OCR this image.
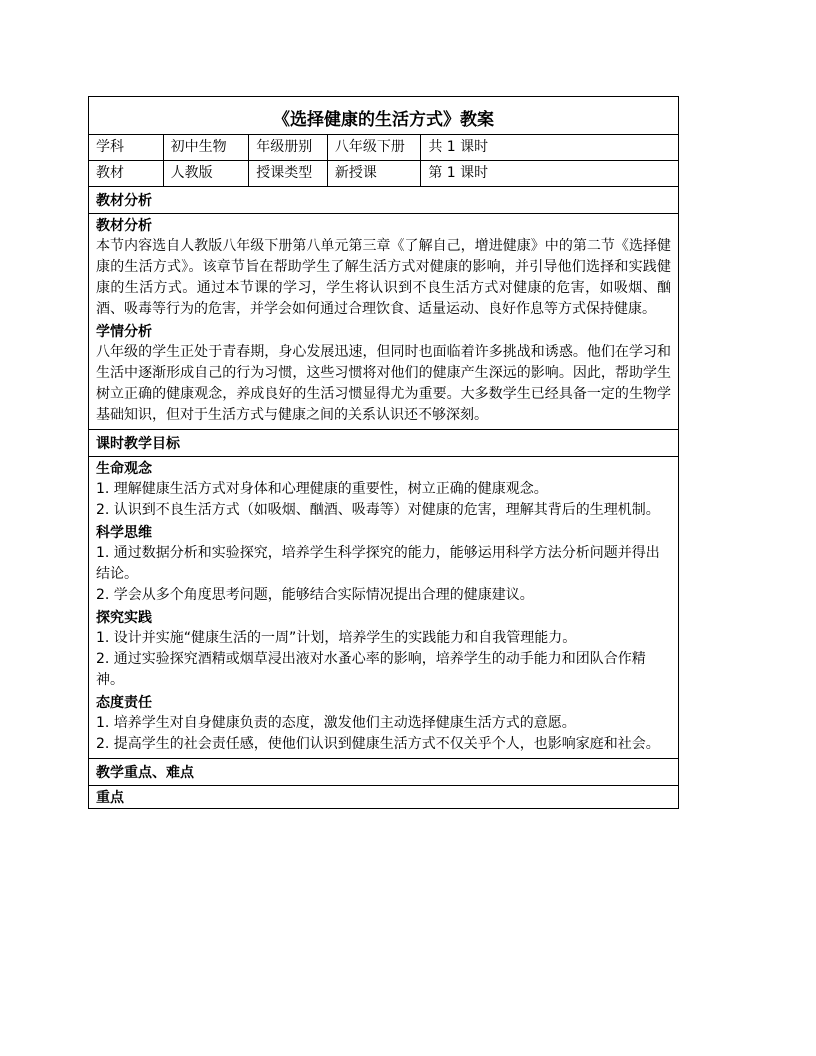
《选择健康的生活方式》教案
学科	初中生物	年级册别	八年级下册	共 1 课时
教材	人教版	授课类型	新授课	第 1 课时
教材分析
教材分析
本节内容选自人教版八年级下册第八单元第三章《了解自己，增进健康》中的第二节《选择健康的生活方式》。该章节旨在帮助学生了解生活方式对健康的影响，并引导他们选择和实践健康的生活方式。通过本节课的学习，学生将认识到不良生活方式对健康的危害，如吸烟、酗酒、吸毒等行为的危害，并学会如何通过合理饮食、适量运动、良好作息等方式保持健康。
学情分析
八年级的学生正处于青春期，身心发展迅速，但同时也面临着许多挑战和诱惑。他们在学习和生活中逐渐形成自己的行为习惯，这些习惯将对他们的健康产生深远的影响。因此，帮助学生树立正确的健康观念，养成良好的生活习惯显得尤为重要。大多数学生已经具备一定的生物学基础知识，但对于生活方式与健康之间的关系认识还不够深刻。
课时教学目标
生命观念
1. 理解健康生活方式对身体和心理健康的重要性，树立正确的健康观念。
2. 认识到不良生活方式（如吸烟、酗酒、吸毒等）对健康的危害，理解其背后的生理机制。
科学思维
1. 通过数据分析和实验探究，培养学生科学探究的能力，能够运用科学方法分析问题并得出结论。
2. 学会从多个角度思考问题，能够结合实际情况提出合理的健康建议。
探究实践
1. 设计并实施“健康生活的一周”计划，培养学生的实践能力和自我管理能力。
2. 通过实验探究酒精或烟草浸出液对水蚤心率的影响，培养学生的动手能力和团队合作精神。
态度责任
1. 培养学生对自身健康负责的态度，激发他们主动选择健康生活方式的意愿。
2. 提高学生的社会责任感，使他们认识到健康生活方式不仅关乎个人，也影响家庭和社会。
教学重点、难点
重点
